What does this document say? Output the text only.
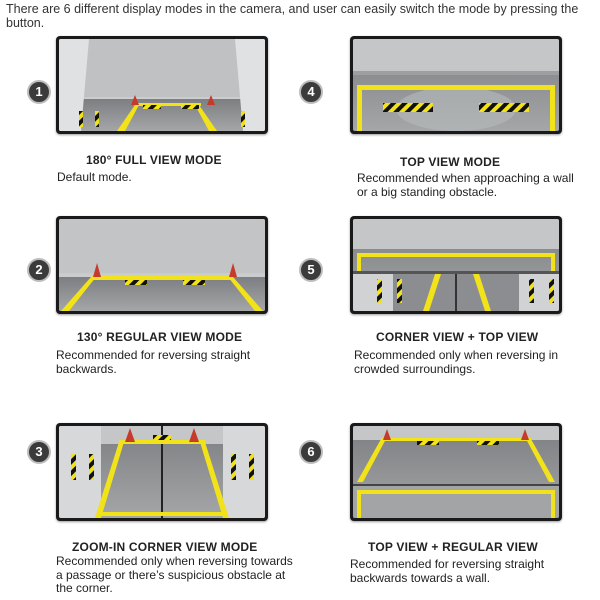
There are 6 different display modes in the camera, and user can easily switch the mode by pressing the button.
1
180° FULL VIEW MODE
Default mode.
4
TOP VIEW MODE
Recommended when approaching a wall or a big standing obstacle.
2
130° REGULAR VIEW MODE
Recommended for reversing straight backwards.
5
CORNER VIEW + TOP VIEW
Recommended only when reversing in crowded surroundings.
3
ZOOM-IN CORNER VIEW MODE
Recommended only when reversing towards a passage or there’s suspicious obstacle at the corner.
6
TOP VIEW + REGULAR VIEW
Recommended for reversing straight backwards towards a wall.
